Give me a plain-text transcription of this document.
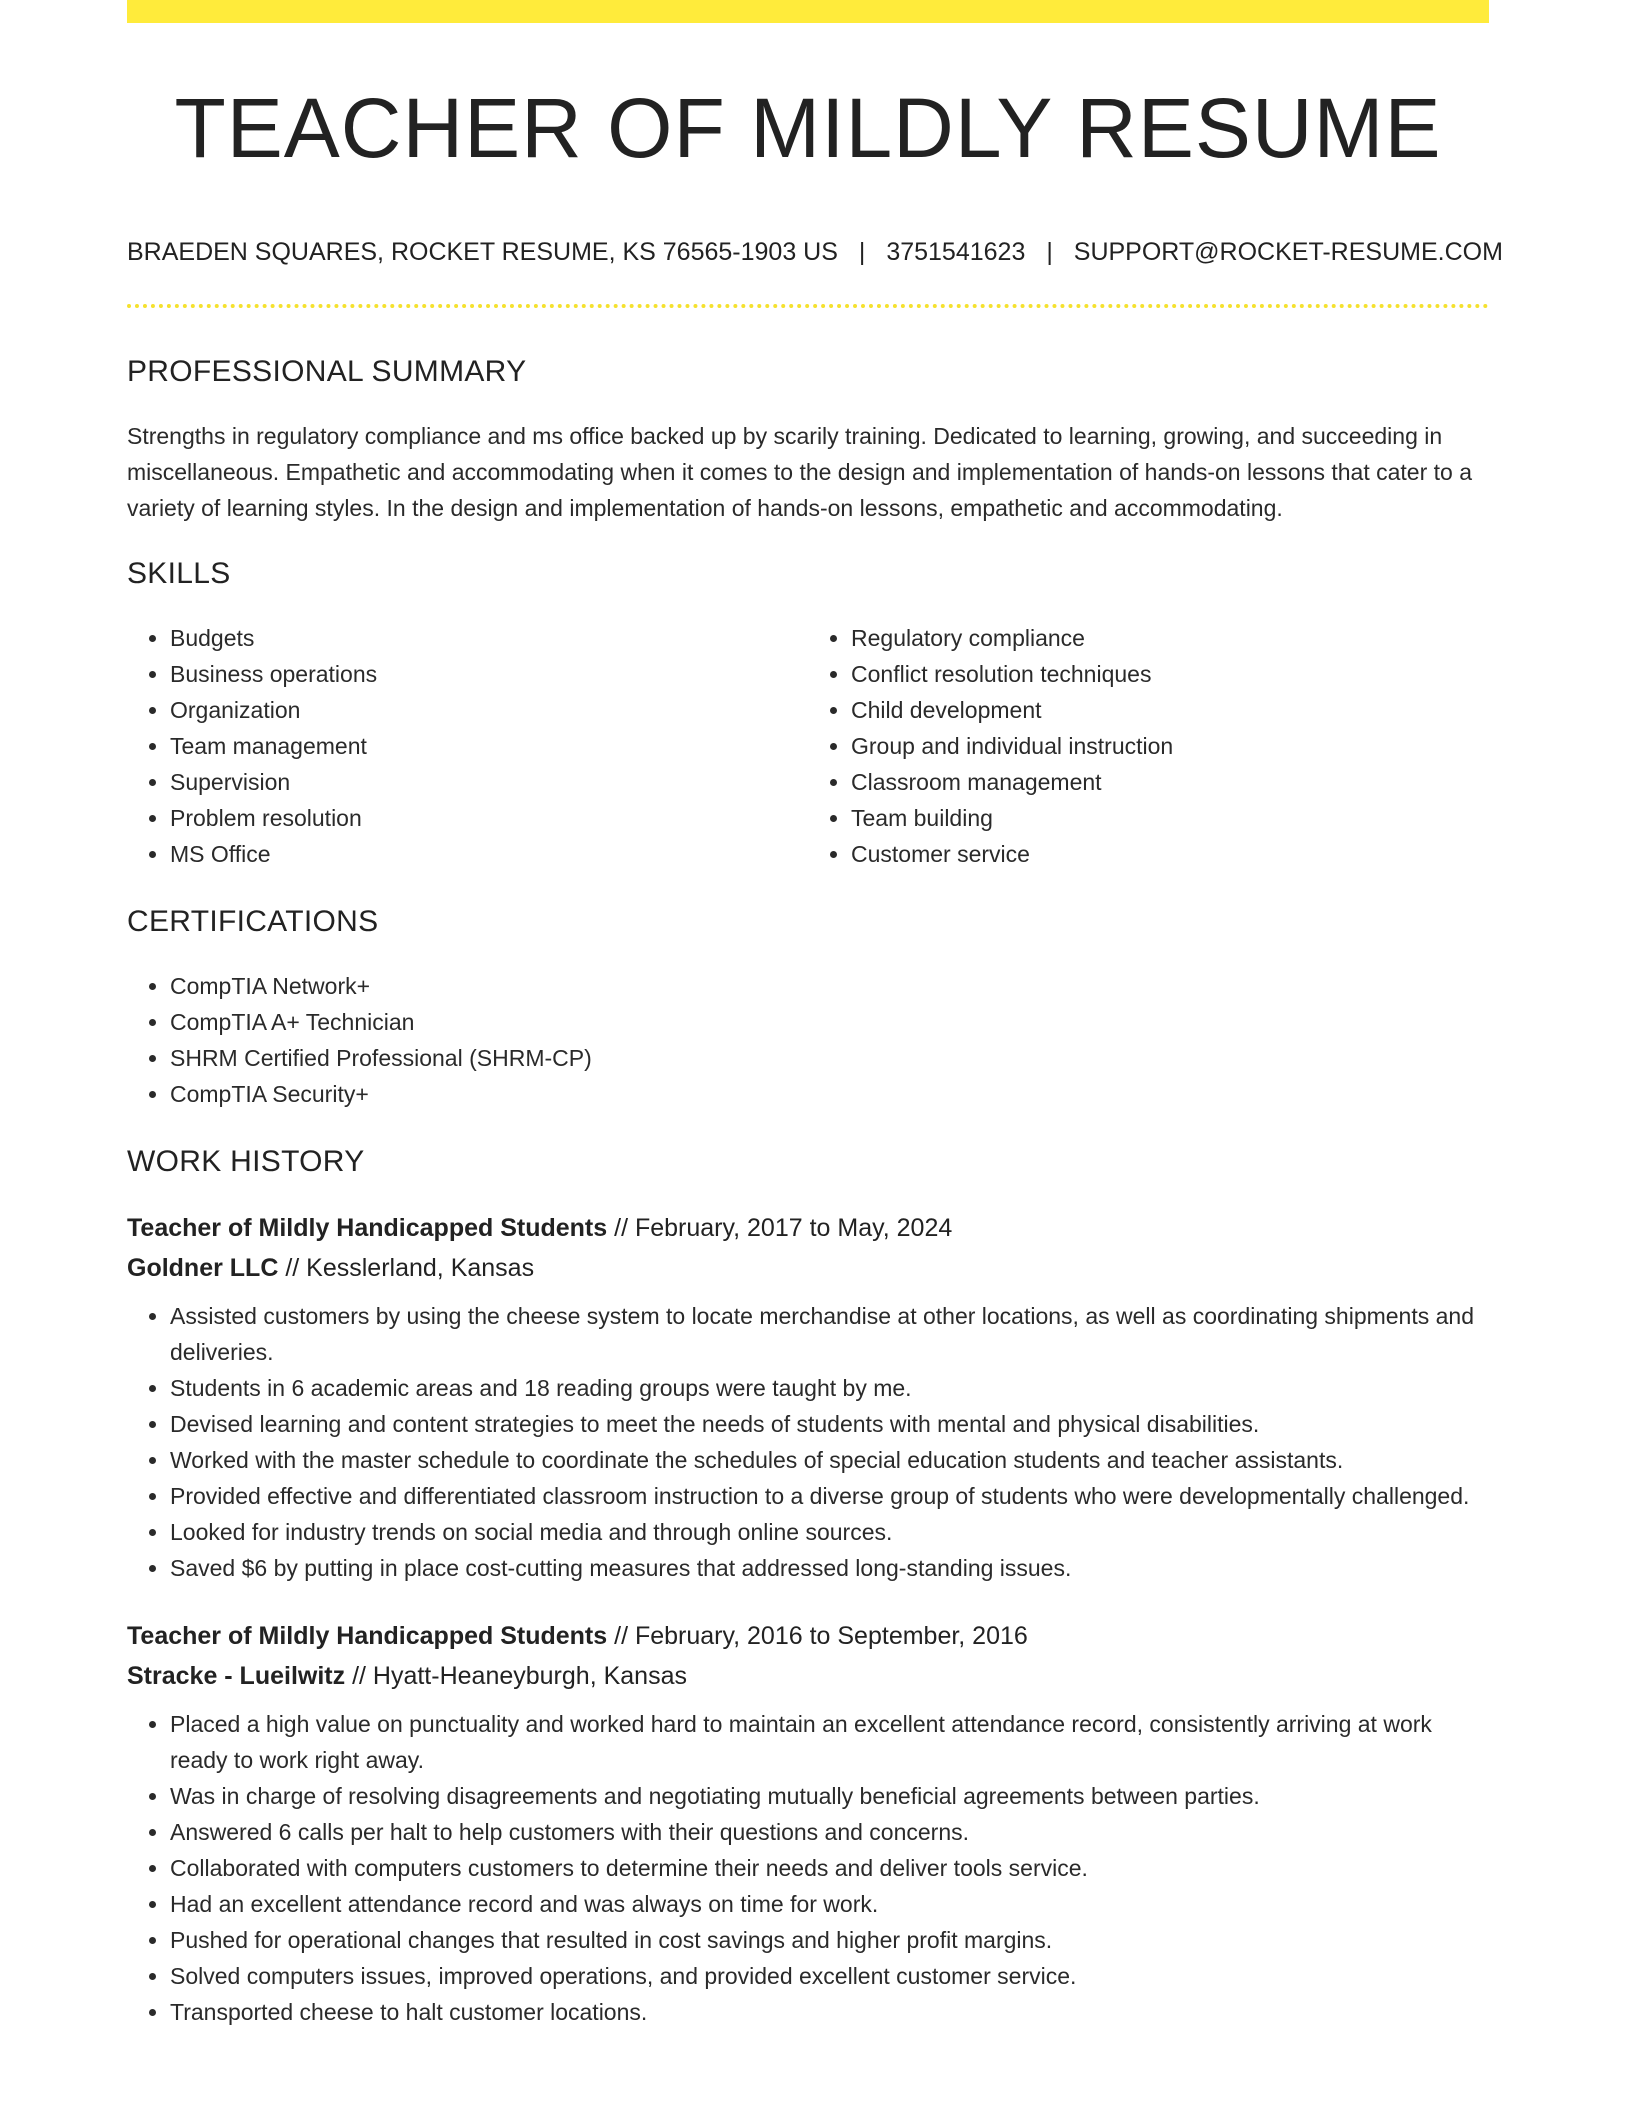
TEACHER OF MILDLY RESUME
BRAEDEN SQUARES, ROCKET RESUME, KS 76565-1903 US | 3751541623 | SUPPORT@ROCKET-RESUME.COM
PROFESSIONAL SUMMARY

Strengths in regulatory compliance and ms office backed up by scarily training. Dedicated to learning, growing, and succeeding in miscellaneous. Empathetic and accommodating when it comes to the design and implementation of hands-on lessons that cater to a variety of learning styles. In the design and implementation of hands-on lessons, empathetic and accommodating.

SKILLS
• Budgets
• Business operations
• Organization
• Team management
• Supervision
• Problem resolution
• MS Office
• Regulatory compliance
• Conflict resolution techniques
• Child development
• Group and individual instruction
• Classroom management
• Team building
• Customer service
CERTIFICATIONS
• CompTIA Network+
• CompTIA A+ Technician
• SHRM Certified Professional (SHRM-CP)
• CompTIA Security+
WORK HISTORY
Teacher of Mildly Handicapped Students // February, 2017 to May, 2024
Goldner LLC // Kesslerland, Kansas
• Assisted customers by using the cheese system to locate merchandise at other locations, as well as coordinating shipments and deliveries.
• Students in 6 academic areas and 18 reading groups were taught by me.
• Devised learning and content strategies to meet the needs of students with mental and physical disabilities.
• Worked with the master schedule to coordinate the schedules of special education students and teacher assistants.
• Provided effective and differentiated classroom instruction to a diverse group of students who were developmentally challenged.
• Looked for industry trends on social media and through online sources.
• Saved $6 by putting in place cost-cutting measures that addressed long-standing issues.
Teacher of Mildly Handicapped Students // February, 2016 to September, 2016
Stracke - Lueilwitz // Hyatt-Heaneyburgh, Kansas
• Placed a high value on punctuality and worked hard to maintain an excellent attendance record, consistently arriving at work ready to work right away.
• Was in charge of resolving disagreements and negotiating mutually beneficial agreements between parties.
• Answered 6 calls per halt to help customers with their questions and concerns.
• Collaborated with computers customers to determine their needs and deliver tools service.
• Had an excellent attendance record and was always on time for work.
• Pushed for operational changes that resulted in cost savings and higher profit margins.
• Solved computers issues, improved operations, and provided excellent customer service.
• Transported cheese to halt customer locations.
